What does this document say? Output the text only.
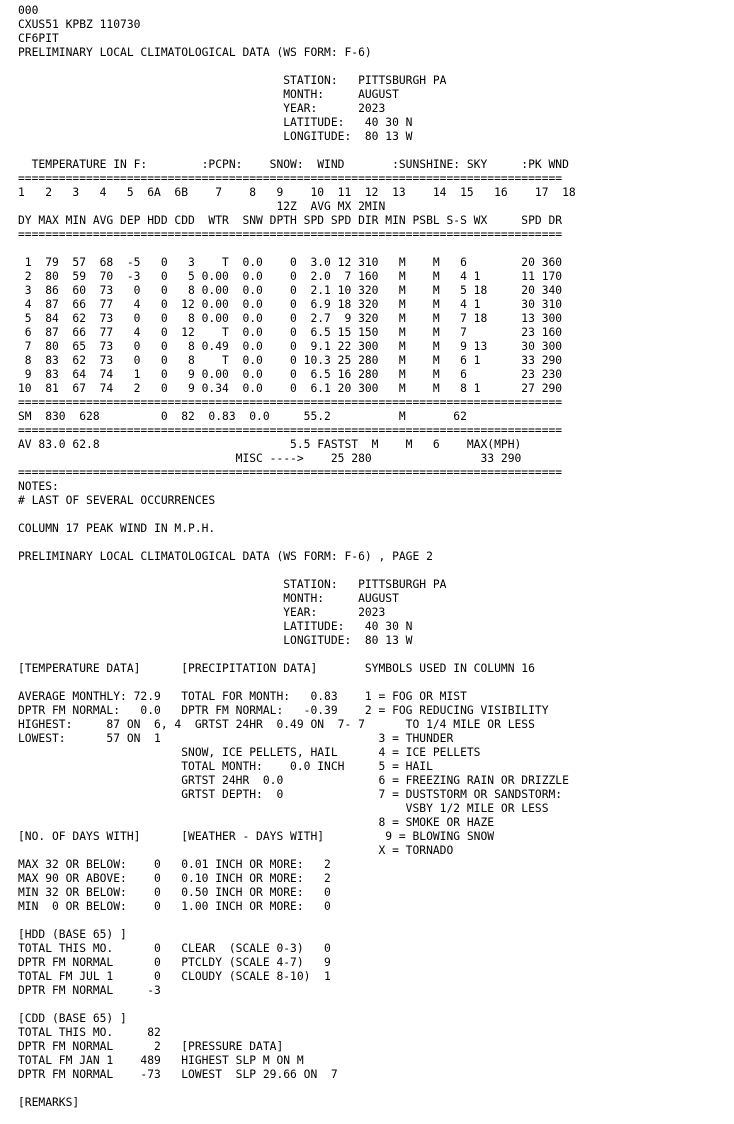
000
CXUS51 KPBZ 110730
CF6PIT
PRELIMINARY LOCAL CLIMATOLOGICAL DATA (WS FORM: F-6)
STATION:   PITTSBURGH PA
MONTH:     AUGUST
YEAR:      2023
LATITUDE:   40 30 N
LONGITUDE:  80 13 W
TEMPERATURE IN F:        :PCPN:    SNOW:  WIND       :SUNSHINE: SKY     :PK WND
================================================================================
1   2   3   4   5  6A  6B    7    8   9    10  11  12  13    14  15   16    17  18
12Z  AVG MX 2MIN
DY MAX MIN AVG DEP HDD CDD  WTR  SNW DPTH SPD SPD DIR MIN PSBL S-S WX     SPD DR
================================================================================
1  79  57  68  -5   0   3    T  0.0    0  3.0 12 310   M    M   6        20 360
2  80  59  70  -3   0   5 0.00  0.0    0  2.0  7 160   M    M   4 1      11 170
3  86  60  73   0   0   8 0.00  0.0    0  2.1 10 320   M    M   5 18     20 340
4  87  66  77   4   0  12 0.00  0.0    0  6.9 18 320   M    M   4 1      30 310
5  84  62  73   0   0   8 0.00  0.0    0  2.7  9 320   M    M   7 18     13 300
6  87  66  77   4   0  12    T  0.0    0  6.5 15 150   M    M   7        23 160
7  80  65  73   0   0   8 0.49  0.0    0  9.1 22 300   M    M   9 13     30 300
8  83  62  73   0   0   8    T  0.0    0 10.3 25 280   M    M   6 1      33 290
9  83  64  74   1   0   9 0.00  0.0    0  6.5 16 280   M    M   6        23 230
10  81  67  74   2   0   9 0.34  0.0    0  6.1 20 300   M    M   8 1      27 290
================================================================================
SM  830  628         0  82  0.83  0.0     55.2          M       62
================================================================================
AV 83.0 62.8                            5.5 FASTST  M    M   6    MAX(MPH)
MISC ---->    25 280                33 290
================================================================================
NOTES:
# LAST OF SEVERAL OCCURRENCES
COLUMN 17 PEAK WIND IN M.P.H.
PRELIMINARY LOCAL CLIMATOLOGICAL DATA (WS FORM: F-6) , PAGE 2
STATION:   PITTSBURGH PA
MONTH:     AUGUST
YEAR:      2023
LATITUDE:   40 30 N
LONGITUDE:  80 13 W
[TEMPERATURE DATA]      [PRECIPITATION DATA]       SYMBOLS USED IN COLUMN 16
AVERAGE MONTHLY: 72.9   TOTAL FOR MONTH:   0.83    1 = FOG OR MIST
DPTR FM NORMAL:   0.0   DPTR FM NORMAL:   -0.39    2 = FOG REDUCING VISIBILITY
HIGHEST:     87 ON  6, 4  GRTST 24HR  0.49 ON  7- 7      TO 1/4 MILE OR LESS
LOWEST:      57 ON  1                                3 = THUNDER
SNOW, ICE PELLETS, HAIL      4 = ICE PELLETS
TOTAL MONTH:    0.0 INCH     5 = HAIL
GRTST 24HR  0.0              6 = FREEZING RAIN OR DRIZZLE
GRTST DEPTH:  0              7 = DUSTSTORM OR SANDSTORM:
VSBY 1/2 MILE OR LESS
8 = SMOKE OR HAZE
[NO. OF DAYS WITH]      [WEATHER - DAYS WITH]         9 = BLOWING SNOW
X = TORNADO
MAX 32 OR BELOW:    0   0.01 INCH OR MORE:   2
MAX 90 OR ABOVE:    0   0.10 INCH OR MORE:   2
MIN 32 OR BELOW:    0   0.50 INCH OR MORE:   0
MIN  0 OR BELOW:    0   1.00 INCH OR MORE:   0
[HDD (BASE 65) ]
TOTAL THIS MO.      0   CLEAR  (SCALE 0-3)   0
DPTR FM NORMAL      0   PTCLDY (SCALE 4-7)   9
TOTAL FM JUL 1      0   CLOUDY (SCALE 8-10)  1
DPTR FM NORMAL     -3
[CDD (BASE 65) ]
TOTAL THIS MO.     82
DPTR FM NORMAL      2   [PRESSURE DATA]
TOTAL FM JAN 1    489   HIGHEST SLP M ON M
DPTR FM NORMAL    -73   LOWEST  SLP 29.66 ON  7
[REMARKS]
